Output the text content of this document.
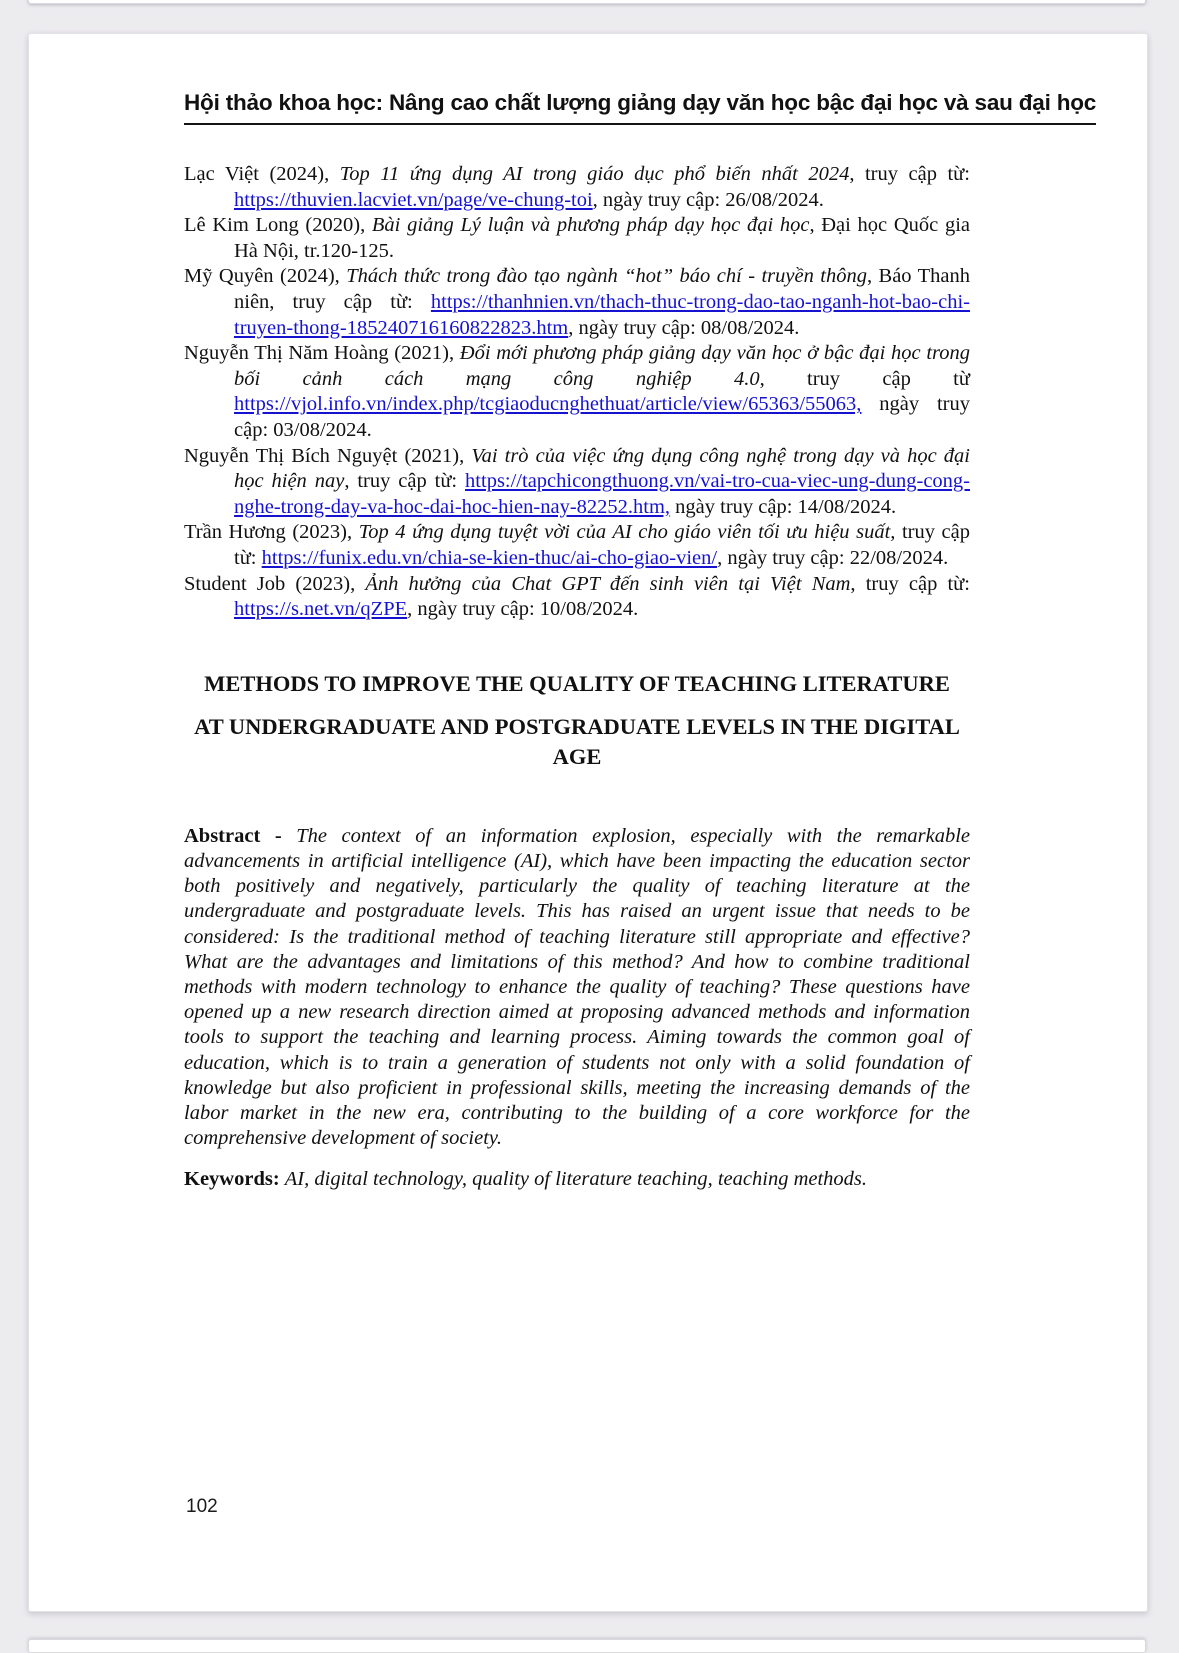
Hội thảo khoa học: Nâng cao chất lượng giảng dạy văn học bậc đại học và sau đại học

Lạc Việt (2024), Top 11 ứng dụng AI trong giáo dục phổ biến nhất 2024, truy cập từ: https://thuvien.lacviet.vn/page/ve-chung-toi, ngày truy cập: 26/08/2024.

Lê Kim Long (2020), Bài giảng Lý luận và phương pháp dạy học đại học, Đại học Quốc gia Hà Nội, tr.120-125.

Mỹ Quyên (2024), Thách thức trong đào tạo ngành “hot” báo chí - truyền thông, Báo Thanh niên, truy cập từ: https://thanhnien.vn/thach-thuc-trong-dao-tao-nganh-hot-bao-chi-truyen-thong-185240716160822823.htm, ngày truy cập: 08/08/2024.

Nguyễn Thị Năm Hoàng (2021), Đổi mới phương pháp giảng dạy văn học ở bậc đại học trong bối cảnh cách mạng công nghiệp 4.0, truy cập từ https://vjol.info.vn/index.php/tcgiaoducnghethuat/article/view/65363/55063, ngày truy cập: 03/08/2024.

Nguyễn Thị Bích Nguyệt (2021), Vai trò của việc ứng dụng công nghệ trong dạy và học đại học hiện nay, truy cập từ: https://tapchicongthuong.vn/vai-tro-cua-viec-ung-dung-cong-nghe-trong-day-va-hoc-dai-hoc-hien-nay-82252.htm, ngày truy cập: 14/08/2024.

Trần Hương (2023), Top 4 ứng dụng tuyệt vời của AI cho giáo viên tối ưu hiệu suất, truy cập từ: https://funix.edu.vn/chia-se-kien-thuc/ai-cho-giao-vien/, ngày truy cập: 22/08/2024.

Student Job (2023), Ảnh hưởng của Chat GPT đến sinh viên tại Việt Nam, truy cập từ: https://s.net.vn/qZPE, ngày truy cập: 10/08/2024.

METHODS TO IMPROVE THE QUALITY OF TEACHING LITERATURE
AT UNDERGRADUATE AND POSTGRADUATE LEVELS IN THE DIGITAL AGE

Abstract - The context of an information explosion, especially with the remarkable advancements in artificial intelligence (AI), which have been impacting the education sector both positively and negatively, particularly the quality of teaching literature at the undergraduate and postgraduate levels. This has raised an urgent issue that needs to be considered: Is the traditional method of teaching literature still appropriate and effective? What are the advantages and limitations of this method? And how to combine traditional methods with modern technology to enhance the quality of teaching? These questions have opened up a new research direction aimed at proposing advanced methods and information tools to support the teaching and learning process. Aiming towards the common goal of education, which is to train a generation of students not only with a solid foundation of knowledge but also proficient in professional skills, meeting the increasing demands of the labor market in the new era, contributing to the building of a core workforce for the comprehensive development of society.

Keywords: AI, digital technology, quality of literature teaching, teaching methods.

102
